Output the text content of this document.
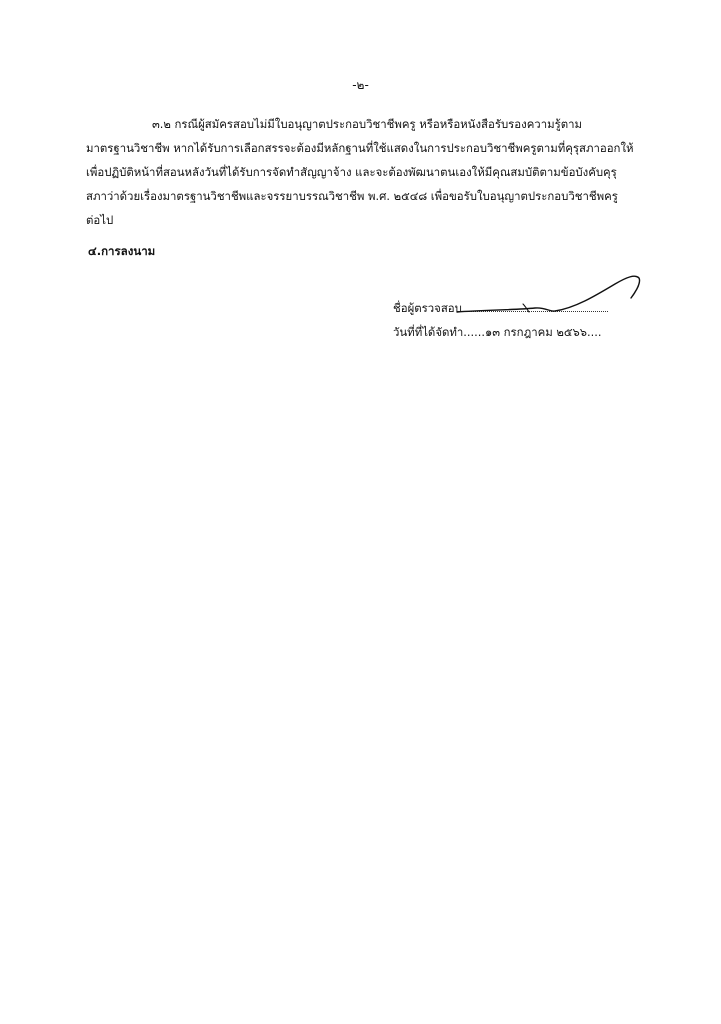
-๒-
๓.๒ กรณีผู้สมัครสอบไม่มีใบอนุญาตประกอบวิชาชีพครู หรือหรือหนังสือรับรองความรู้ตาม
มาตรฐานวิชาชีพ หากได้รับการเลือกสรรจะต้องมีหลักฐานที่ใช้แสดงในการประกอบวิชาชีพครูตามที่คุรุสภาออกให้
เพื่อปฏิบัติหน้าที่สอนหลังวันที่ได้รับการจัดทำสัญญาจ้าง และจะต้องพัฒนาตนเองให้มีคุณสมบัติตามข้อบังคับคุรุ
สภาว่าด้วยเรื่องมาตรฐานวิชาชีพและจรรยาบรรณวิชาชีพ พ.ศ. ๒๕๔๘ เพื่อขอรับใบอนุญาตประกอบวิชาชีพครู
ต่อไป
๔.การลงนาม
ชื่อผู้ตรวจสอบ
วันที่ที่ได้จัดทำ......๑๓ กรกฎาคม ๒๕๖๖....
